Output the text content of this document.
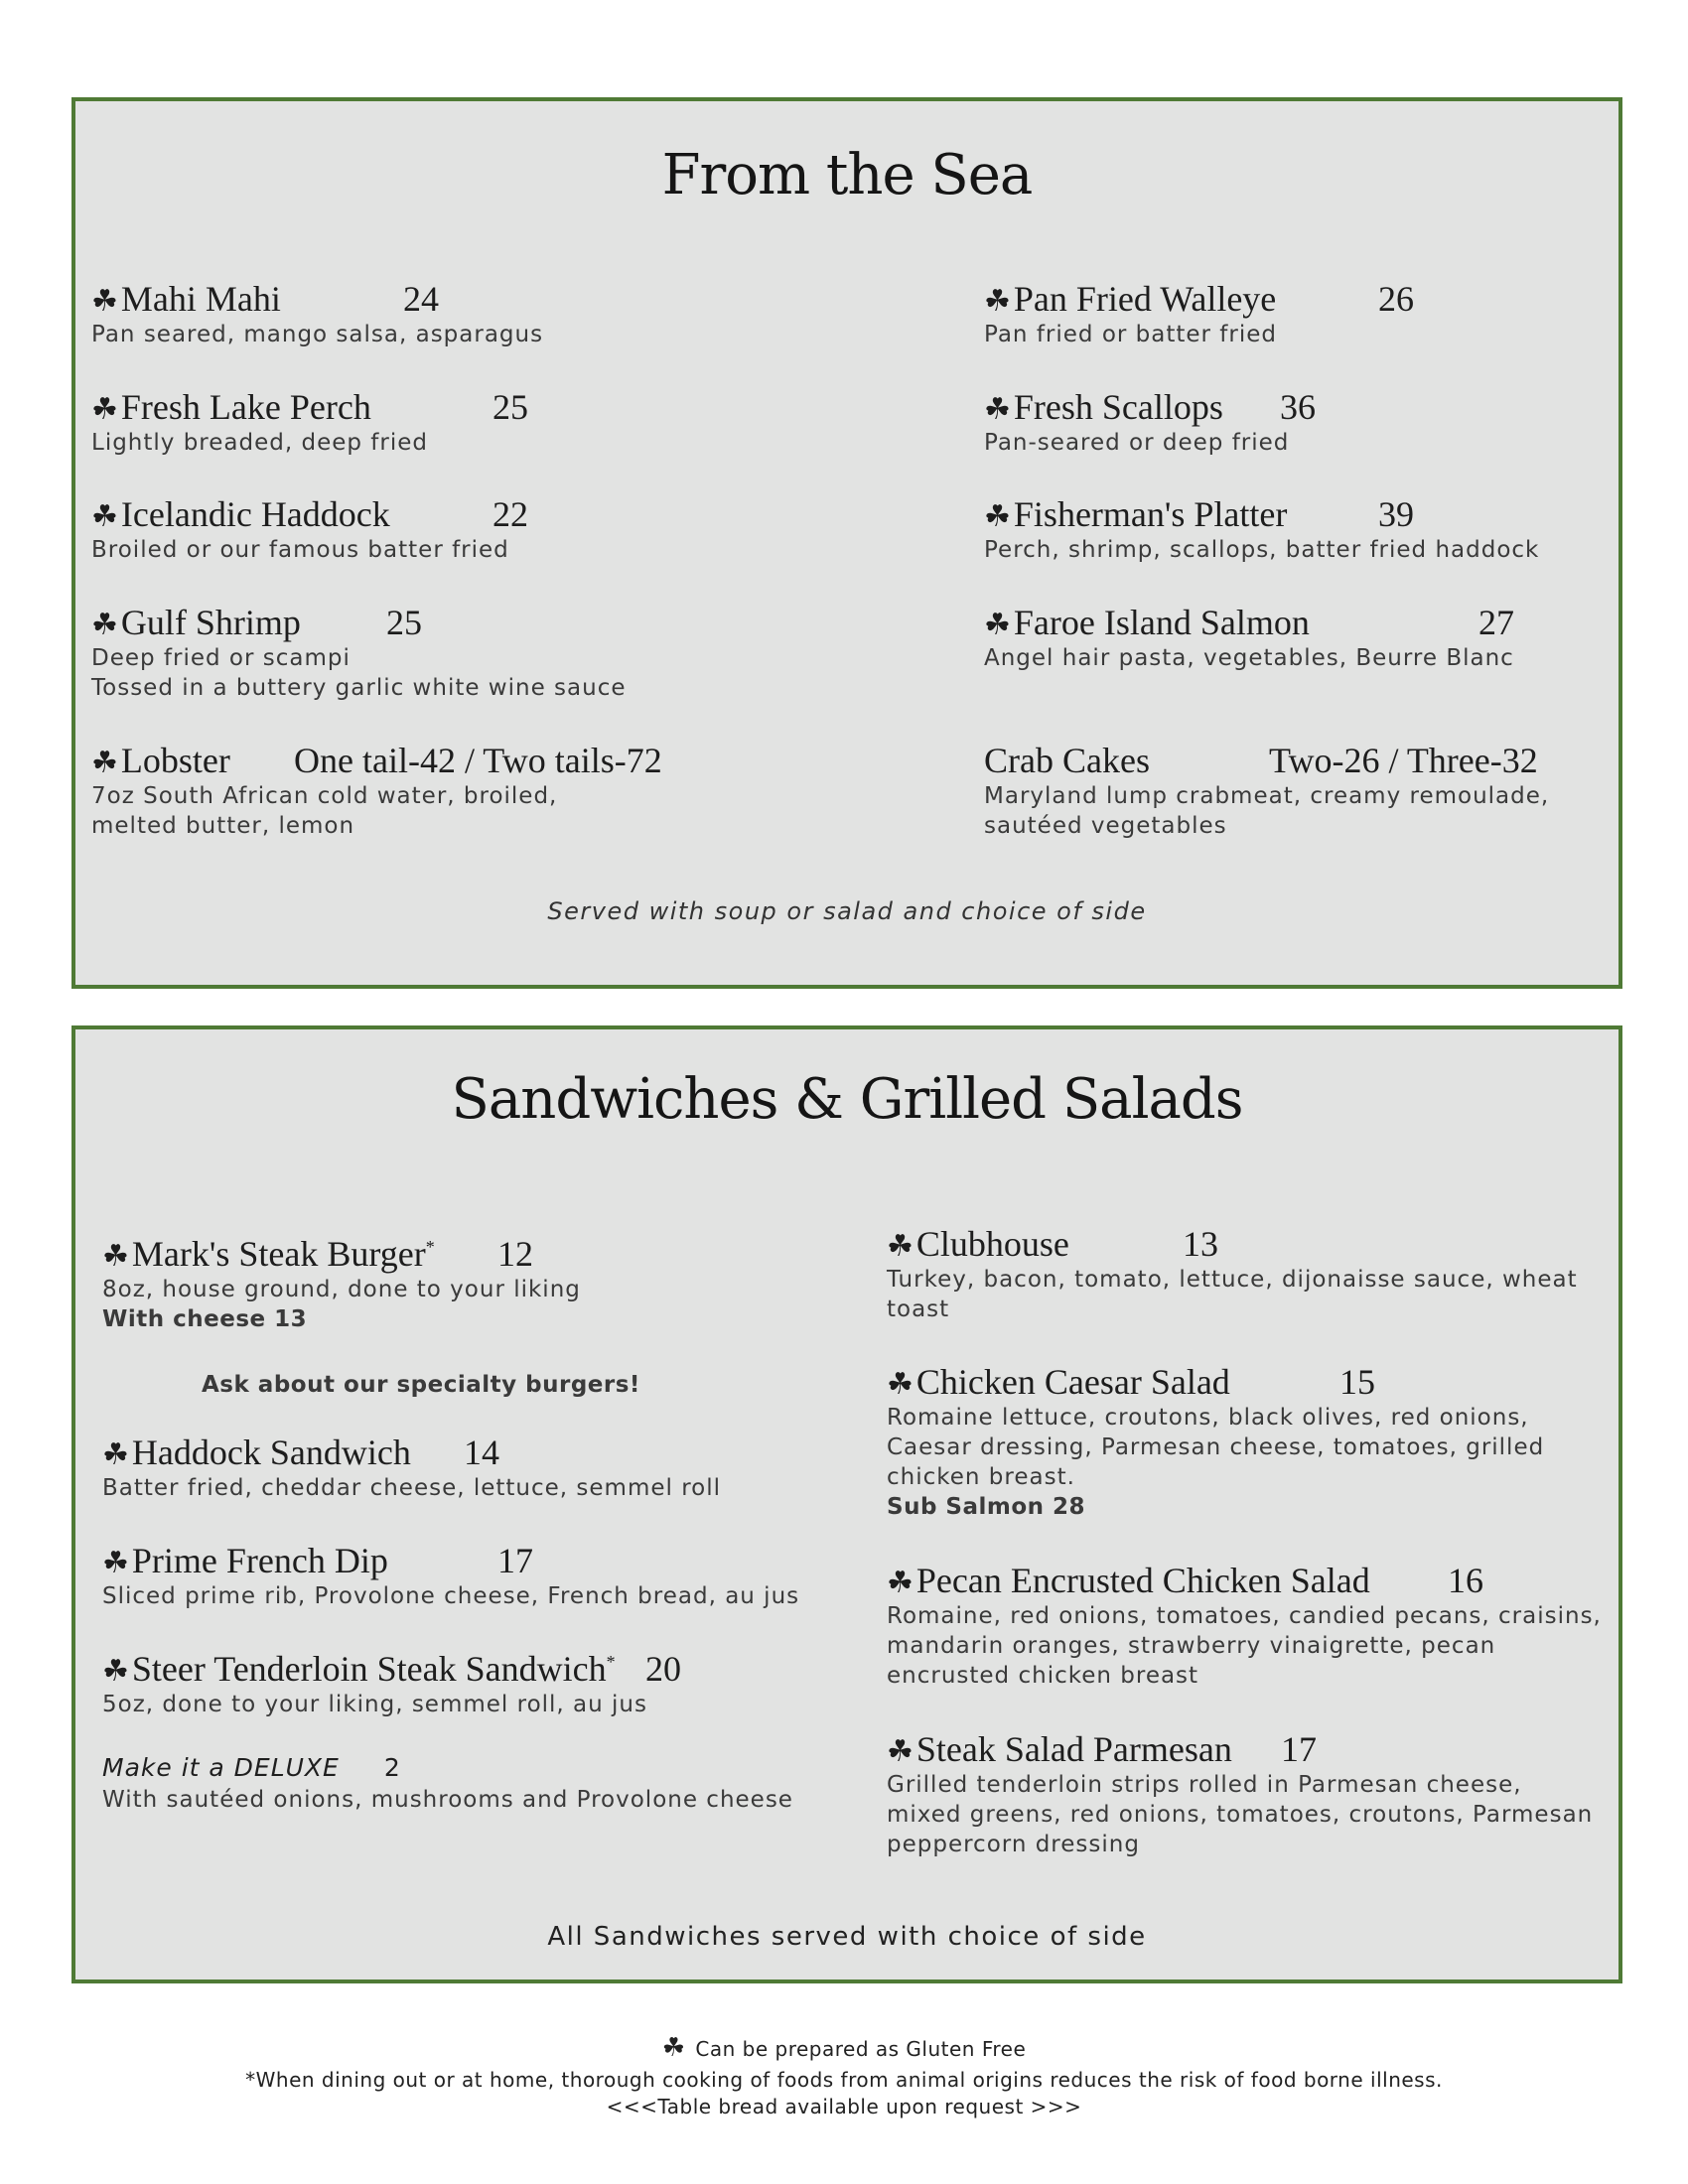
From the Sea
☘Mahi Mahi	24
Pan seared, mango salsa, asparagus
☘Fresh Lake Perch	25
Lightly breaded, deep fried
☘Icelandic Haddock	22
Broiled or our famous batter fried
☘Gulf Shrimp 25
Deep fried or scampi
Tossed in a buttery garlic white wine sauce
☘Lobster One tail-42 / Two tails-72
7oz South African cold water, broiled,
melted butter, lemon
☘Pan Fried Walleye	26
Pan fried or batter fried
☘Fresh Scallops 36
Pan-seared or deep fried
☘Fisherman's Platter	39
Perch, shrimp, scallops, batter fried haddock
☘Faroe Island Salmon	27
Angel hair pasta, vegetables, Beurre Blanc
Crab Cakes	Two-26 / Three-32
Maryland lump crabmeat, creamy remoulade,
sautéed vegetables
Served with soup or salad and choice of side
Sandwiches & Grilled Salads
☘Mark's Steak Burger* 12
8oz, house ground, done to your liking
With cheese 13
Ask about our specialty burgers!
☘Haddock Sandwich 14
Batter fried, cheddar cheese, lettuce, semmel roll
☘Prime French Dip	17
Sliced prime rib, Provolone cheese, French bread, au jus
☘Steer Tenderloin Steak Sandwich* 20
5oz, done to your liking, semmel roll, au jus
Make it a DELUXE 2
With sautéed onions, mushrooms and Provolone cheese
☘Clubhouse	13
Turkey, bacon, tomato, lettuce, dijonaisse sauce, wheat
toast
☘Chicken Caesar Salad	15
Romaine lettuce, croutons, black olives, red onions,
Caesar dressing, Parmesan cheese, tomatoes, grilled
chicken breast.
Sub Salmon 28
☘Pecan Encrusted Chicken Salad 16
Romaine, red onions, tomatoes, candied pecans, craisins,
mandarin oranges, strawberry vinaigrette, pecan
encrusted chicken breast
☘Steak Salad Parmesan 17
Grilled tenderloin strips rolled in Parmesan cheese,
mixed greens, red onions, tomatoes, croutons, Parmesan
peppercorn dressing
All Sandwiches served with choice of side
☘ Can be prepared as Gluten Free
*When dining out or at home, thorough cooking of foods from animal origins reduces the risk of food borne illness.
<<<Table bread available upon request >>>
